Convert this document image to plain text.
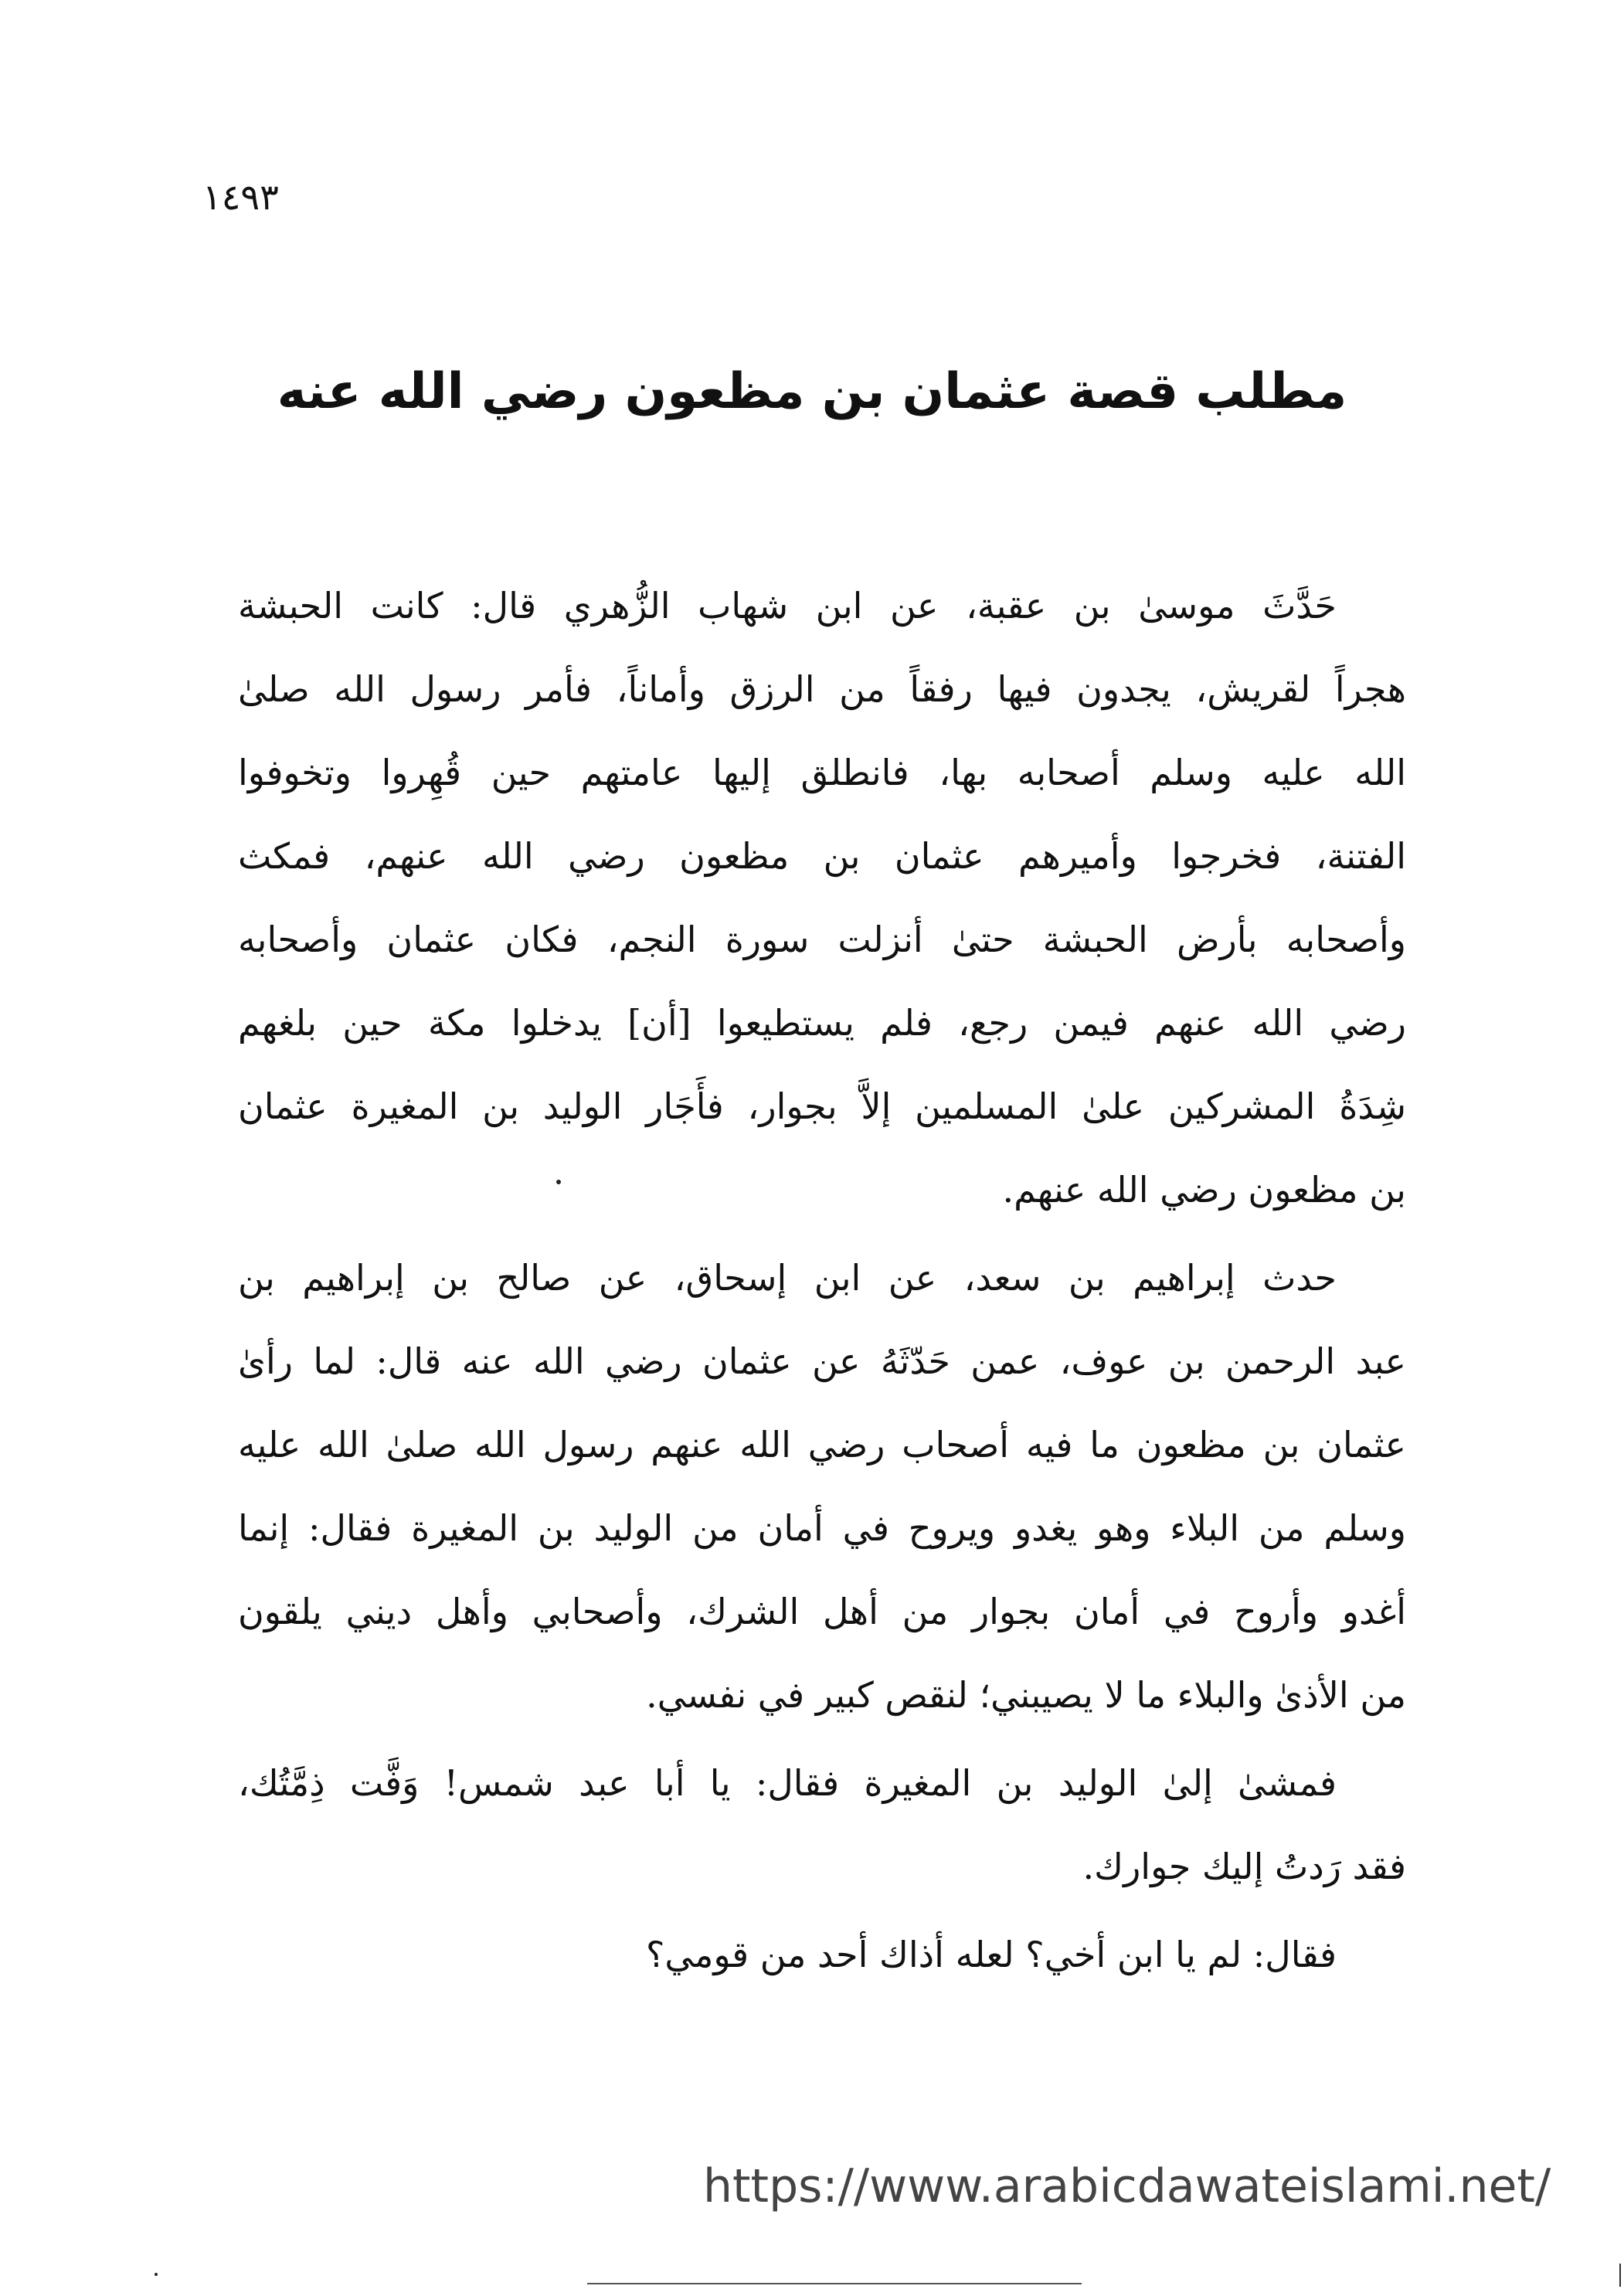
١٤٩٣
مطلب قصة عثمان بن مظعون رضي الله عنه
حَدَّثَ موسىٰ بن عقبة، عن ابن شهاب الزُّهري قال: كانت الحبشة
هجراً لقريش، يجدون فيها رفقاً من الرزق وأماناً، فأمر رسول الله صلىٰ
الله عليه وسلم أصحابه بها، فانطلق إليها عامتهم حين قُهِروا وتخوفوا
الفتنة، فخرجوا وأميرهم عثمان بن مظعون رضي الله عنهم، فمكث
وأصحابه بأرض الحبشة حتىٰ أنزلت سورة النجم، فكان عثمان وأصحابه
رضي الله عنهم فيمن رجع، فلم يستطيعوا [أن] يدخلوا مكة حين بلغهم
شِدَةُ المشركين علىٰ المسلمين إلاَّ بجوار، فأَجَار الوليد بن المغيرة عثمان
بن مظعون رضي الله عنهم.
حدث إبراهيم بن سعد، عن ابن إسحاق، عن صالح بن إبراهيم بن
عبد الرحمن بن عوف، عمن حَدّثَهُ عن عثمان رضي الله عنه قال: لما رأىٰ
عثمان بن مظعون ما فيه أصحاب رضي الله عنهم رسول الله صلىٰ الله عليه
وسلم من البلاء وهو يغدو ويروح في أمان من الوليد بن المغيرة فقال: إنما
أغدو وأروح في أمان بجوار من أهل الشرك، وأصحابي وأهل ديني يلقون
من الأذىٰ والبلاء ما لا يصيبني؛ لنقص كبير في نفسي.
فمشىٰ إلىٰ الوليد بن المغيرة فقال: يا أبا عبد شمس! وَفَّت ذِمَّتُك،
فقد رَدتُ إليك جوارك.
فقال: لم يا ابن أخي؟ لعله أذاك أحد من قومي؟
https://www.arabicdawateislami.net/
